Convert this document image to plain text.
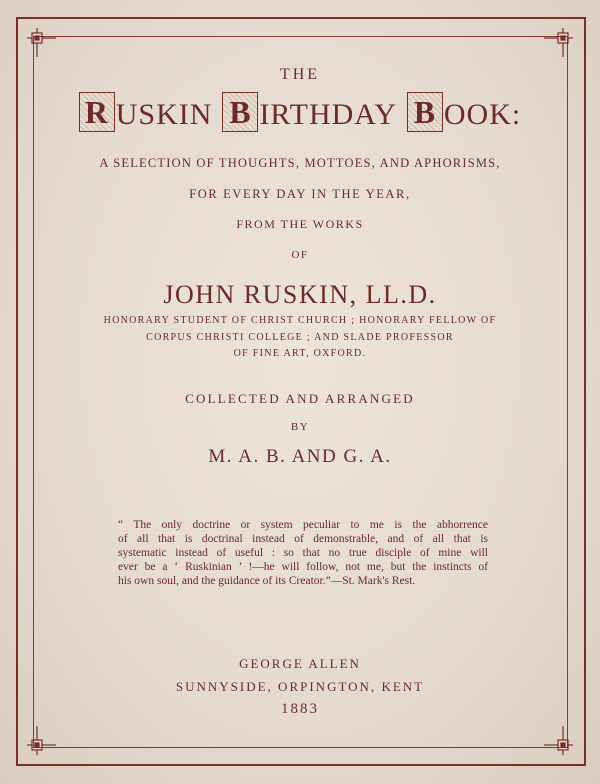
THE
R USKIN B IRTHDAY B OOK:
A SELECTION OF THOUGHTS, MOTTOES, AND APHORISMS,
FOR EVERY DAY IN THE YEAR,
FROM THE WORKS
OF
JOHN RUSKIN, LL.D.
HONORARY STUDENT OF CHRIST CHURCH ; HONORARY FELLOW OF
CORPUS CHRISTI COLLEGE ; AND SLADE PROFESSOR
OF FINE ART, OXFORD.
COLLECTED AND ARRANGED
BY
M. A. B. AND G. A.
“ The only doctrine or system peculiar to me is the abhorrence
of all that is doctrinal instead of demonstrable, and of all that is
systematic instead of useful : so that no true disciple of mine will
ever be a ‘ Ruskinian ’ !—he will follow, not me, but the instincts of
his own soul, and the guidance of its Creator.”—St. Mark's Rest.
GEORGE ALLEN
SUNNYSIDE, ORPINGTON, KENT
1883
